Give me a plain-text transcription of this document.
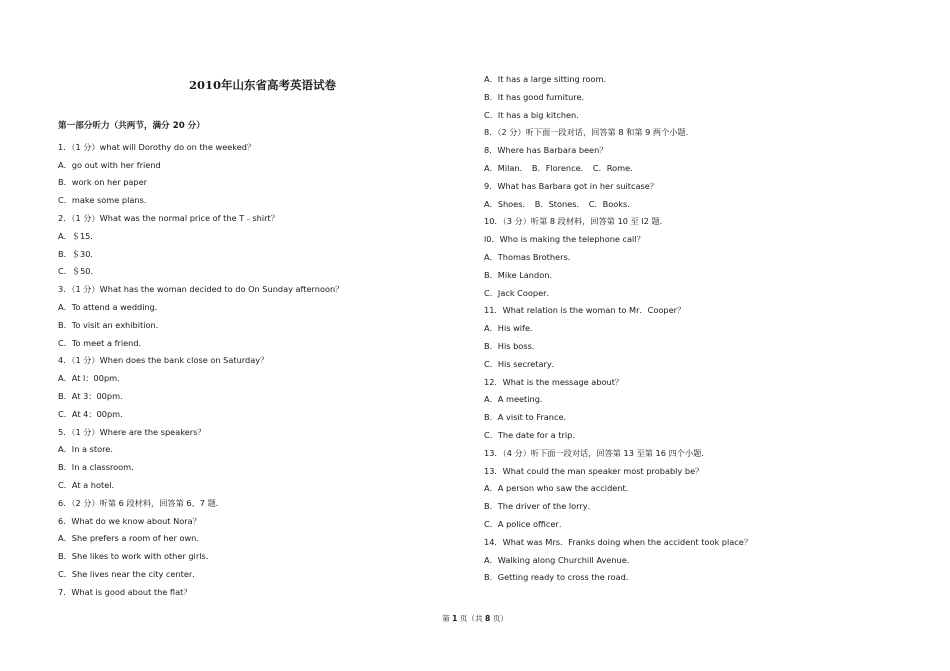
2010年山东省高考英语试卷
第一部分听力（共两节，满分 20 分）
1．（1 分）what will Dorothy do on the weeked？
A．go out with her friend
B．work on her paper
C．make some plans．
2．（1 分）What was the normal price of the T﹣shirt？
A．＄15．
B．＄30．
C．＄50．
3．（1 分）What has the woman decided to do On Sunday afternoon？
A．To attend a wedding．
B．To visit an exhibition．
C．To meet a friend．
4．（1 分）When does the bank close on Saturday？
A．At l：00pm．
B．At 3：00pm．
C．At 4：00pm．
5．（1 分）Where are the speakers？
A．In a store．
B．In a classroom．
C．At a hotel．
6．（2 分）听第 6 段材料，回答第 6、7 题．
6．What do we know about Nora？
A．She prefers a room of her own．
B．She likes to work with other girls．
C．She lives near the city center．
7．What is good about the flat？
A．It has a large sitting room．
B．It has good furniture．
C．It has a big kitchen．
8．（2 分）听下面一段对话，回答第 8 和第 9 两个小题．
8．Where has Barbara been？
A．Milan．　B．Florence．　C．Rome．
9．What has Barbara got in her suitcase？
A．Shoes．　B．Stones．　C．Books．
10．（3 分）听第 8 段材料，回答第 10 至 l2 题．
l0．Who is making the telephone call？
A．Thomas Brothers．
B．Mike Landon．
C．Jack Cooper．
11．What relation is the woman to Mr．Cooper？
A．His wife．
B．His boss．
C．His secretary．
12．What is the message about？
A．A meeting．
B．A visit to France．
C．The date for a trip．
13．（4 分）听下面一段对话，回答第 13 至第 16 四个小题．
13．What could the man speaker most probably be？
A．A person who saw the accident．
B．The driver of the lorry．
C．A police officer．
14．What was Mrs．Franks doing when the accident took place？
A．Walking along Churchill Avenue．
B．Getting ready to cross the road．
第 1 页（共 8 页）
